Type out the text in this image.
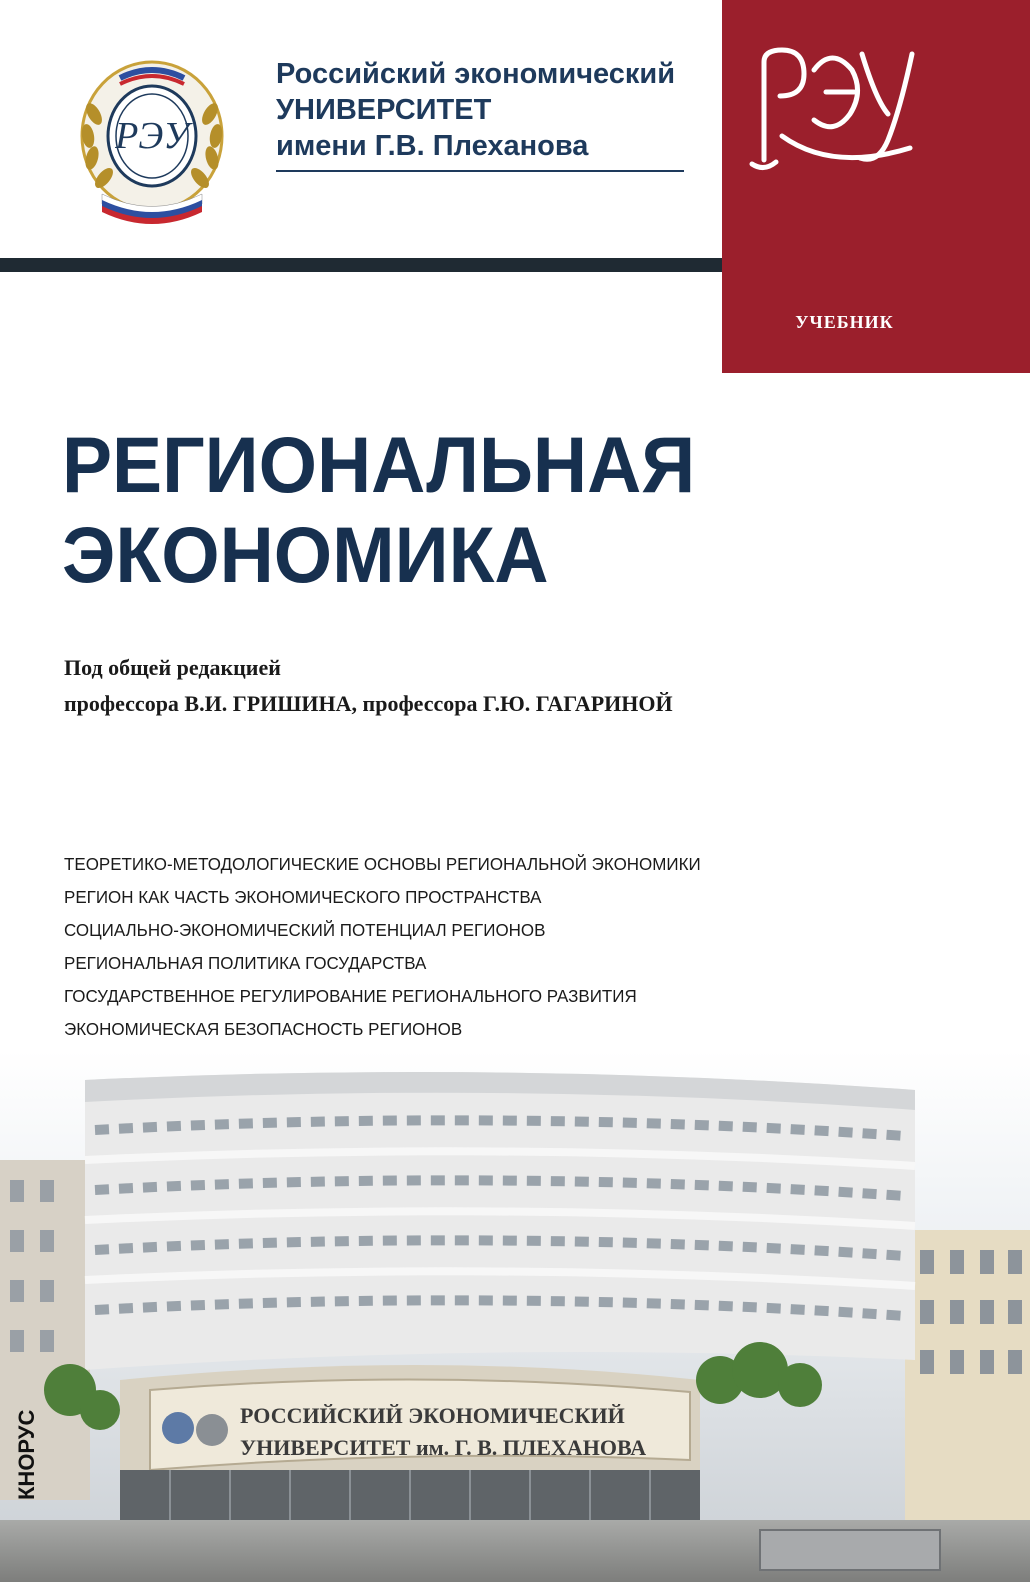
РЭУ
Российский экономический
УНИВЕРСИТЕТ
имени Г.В. Плеханова
УЧЕБНИК
РЕГИОНАЛЬНАЯ
ЭКОНОМИКА
Под общей редакцией
профессора В.И. ГРИШИНА, профессора Г.Ю. ГАГАРИНОЙ
ТЕОРЕТИКО-МЕТОДОЛОГИЧЕСКИЕ ОСНОВЫ РЕГИОНАЛЬНОЙ ЭКОНОМИКИ
РЕГИОН КАК ЧАСТЬ ЭКОНОМИЧЕСКОГО ПРОСТРАНСТВА
СОЦИАЛЬНО-ЭКОНОМИЧЕСКИЙ ПОТЕНЦИАЛ РЕГИОНОВ
РЕГИОНАЛЬНАЯ ПОЛИТИКА ГОСУДАРСТВА
ГОСУДАРСТВЕННОЕ РЕГУЛИРОВАНИЕ РЕГИОНАЛЬНОГО РАЗВИТИЯ
ЭКОНОМИЧЕСКАЯ БЕЗОПАСНОСТЬ РЕГИОНОВ
РОССИЙСКИЙ ЭКОНОМИЧЕСКИЙ
УНИВЕРСИТЕТ им. Г. В. ПЛЕХАНОВА
КНОРУС
